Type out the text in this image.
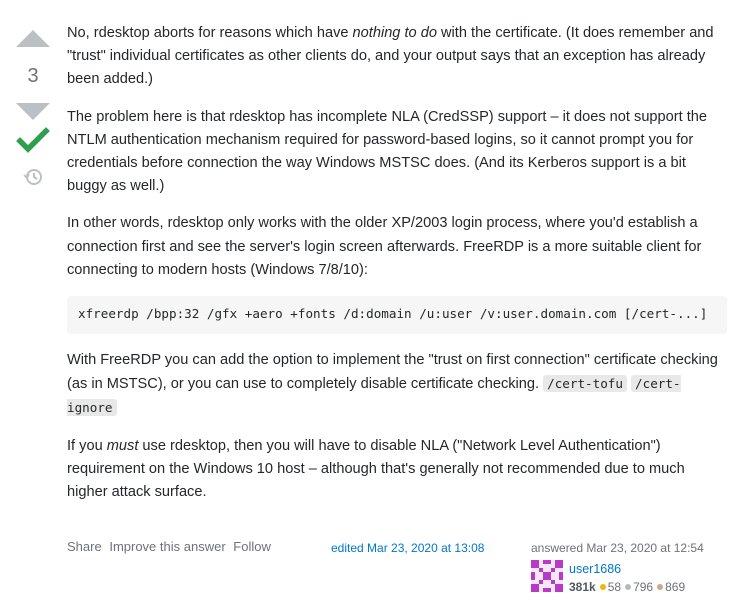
3

No, rdesktop aborts for reasons which have nothing to do with the certificate. (It does remember and "trust" individual certificates as other clients do, and your output says that an exception has already been added.)

The problem here is that rdesktop has incomplete NLA (CredSSP) support – it does not support the NTLM authentication mechanism required for password-based logins, so it cannot prompt you for credentials before connection the way Windows MSTSC does. (And its Kerberos support is a bit buggy as well.)

In other words, rdesktop only works with the older XP/2003 login process, where you'd establish a connection first and see the server's login screen afterwards. FreeRDP is a more suitable client for connecting to modern hosts (Windows 7/8/10):

xfreerdp /bpp:32 /gfx +aero +fonts /d:domain /u:user /v:user.domain.com [/cert-...]

With FreeRDP you can add the option to implement the "trust on first connection" certificate checking (as in MSTSC), or you can use to completely disable certificate checking. /cert-tofu /cert-ignore

If you must use rdesktop, then you will have to disable NLA ("Network Level Authentication") requirement on the Windows 10 host – although that's generally not recommended due to much higher attack surface.

Share Improve this answer Follow	edited Mar 23, 2020 at 13:08	answered Mar 23, 2020 at 12:54
user1686
381k 58 796 869
